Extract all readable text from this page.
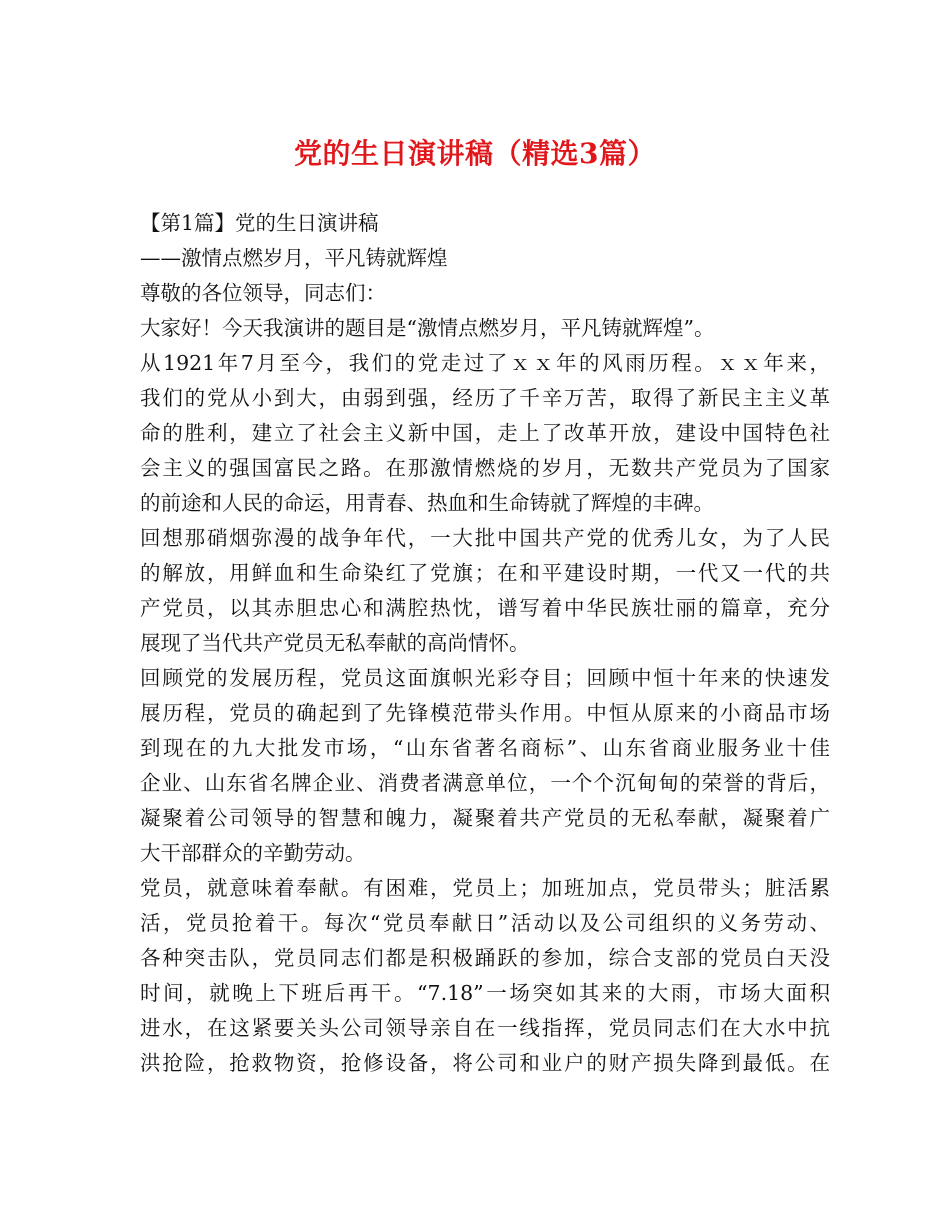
党的生日演讲稿（精选3篇）
【第1篇】党的生日演讲稿
——激情点燃岁月，平凡铸就辉煌
尊敬的各位领导，同志们：
大家好！今天我演讲的题目是“激情点燃岁月，平凡铸就辉煌”。
从1921年7月至今，我们的党走过了ｘｘ年的风雨历程。ｘｘ年来，
我们的党从小到大，由弱到强，经历了千辛万苦，取得了新民主主义革
命的胜利，建立了社会主义新中国，走上了改革开放，建设中国特色社
会主义的强国富民之路。在那激情燃烧的岁月，无数共产党员为了国家
的前途和人民的命运，用青春、热血和生命铸就了辉煌的丰碑。
回想那硝烟弥漫的战争年代，一大批中国共产党的优秀儿女，为了人民
的解放，用鲜血和生命染红了党旗；在和平建设时期，一代又一代的共
产党员，以其赤胆忠心和满腔热忱，谱写着中华民族壮丽的篇章，充分
展现了当代共产党员无私奉献的高尚情怀。
回顾党的发展历程，党员这面旗帜光彩夺目；回顾中恒十年来的快速发
展历程，党员的确起到了先锋模范带头作用。中恒从原来的小商品市场
到现在的九大批发市场，“山东省著名商标”、山东省商业服务业十佳
企业、山东省名牌企业、消费者满意单位，一个个沉甸甸的荣誉的背后，
凝聚着公司领导的智慧和魄力，凝聚着共产党员的无私奉献，凝聚着广
大干部群众的辛勤劳动。
党员，就意味着奉献。有困难，党员上；加班加点，党员带头；脏活累
活，党员抢着干。每次“党员奉献日”活动以及公司组织的义务劳动、
各种突击队，党员同志们都是积极踊跃的参加，综合支部的党员白天没
时间，就晚上下班后再干。“7.18”一场突如其来的大雨，市场大面积
进水，在这紧要关头公司领导亲自在一线指挥，党员同志们在大水中抗
洪抢险，抢救物资，抢修设备，将公司和业户的财产损失降到最低。在
